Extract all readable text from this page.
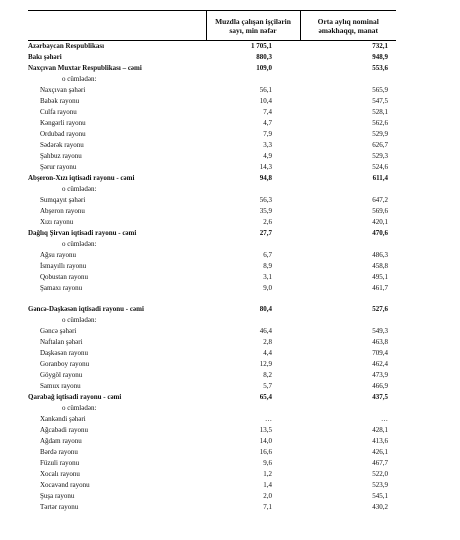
	Muzdla çalışan işçilərin sayı, min nəfər	Orta aylıq nominal əməkhaqqı, manat
Azərbaycan Respublikası	1 705,1	732,1
Bakı şəhəri	880,3	948,9
Naxçıvan Muxtar Respublikası – cəmi	109,0	553,6
o cümlədən:		
Naxçıvan şəhəri	56,1	565,9
Babək rayonu	10,4	547,5
Culfa rayonu	7,4	528,1
Kəngərli rayonu	4,7	562,6
Ordubad rayonu	7,9	529,9
Sədərək rayonu	3,3	626,7
Şahbuz rayonu	4,9	529,3
Şərur rayonu	14,3	524,6
Abşeron-Xızı iqtisadi rayonu - cəmi	94,8	611,4
o cümlədən:		
Sumqayıt şəhəri	56,3	647,2
Abşeron rayonu	35,9	569,6
Xızı rayonu	2,6	420,1
Dağlıq Şirvan iqtisadi rayonu - cəmi	27,7	470,6
o cümlədən:		
Ağsu rayonu	6,7	486,3
İsmayıllı rayonu	8,9	458,8
Qobustan rayonu	3,1	495,1
Şamaxı rayonu	9,0	461,7

Gəncə-Daşkəsən iqtisadi rayonu - cəmi	80,4	527,6
o cümlədən:		
Gəncə şəhəri	46,4	549,3
Naftalan şəhəri	2,8	463,8
Daşkəsən rayonu	4,4	709,4
Goranboy rayonu	12,9	462,4
Göygöl rayonu	8,2	473,9
Samux rayonu	5,7	466,9
Qarabağ iqtisadi rayonu - cəmi	65,4	437,5
o cümlədən:		
Xankəndi şəhəri	…	…
Ağcabədi rayonu	13,5	428,1
Ağdam rayonu	14,0	413,6
Bərdə rayonu	16,6	426,1
Füzuli rayonu	9,6	467,7
Xocalı rayonu	1,2	522,0
Xocavənd rayonu	1,4	523,9
Şuşa rayonu	2,0	545,1
Tərtər rayonu	7,1	430,2
